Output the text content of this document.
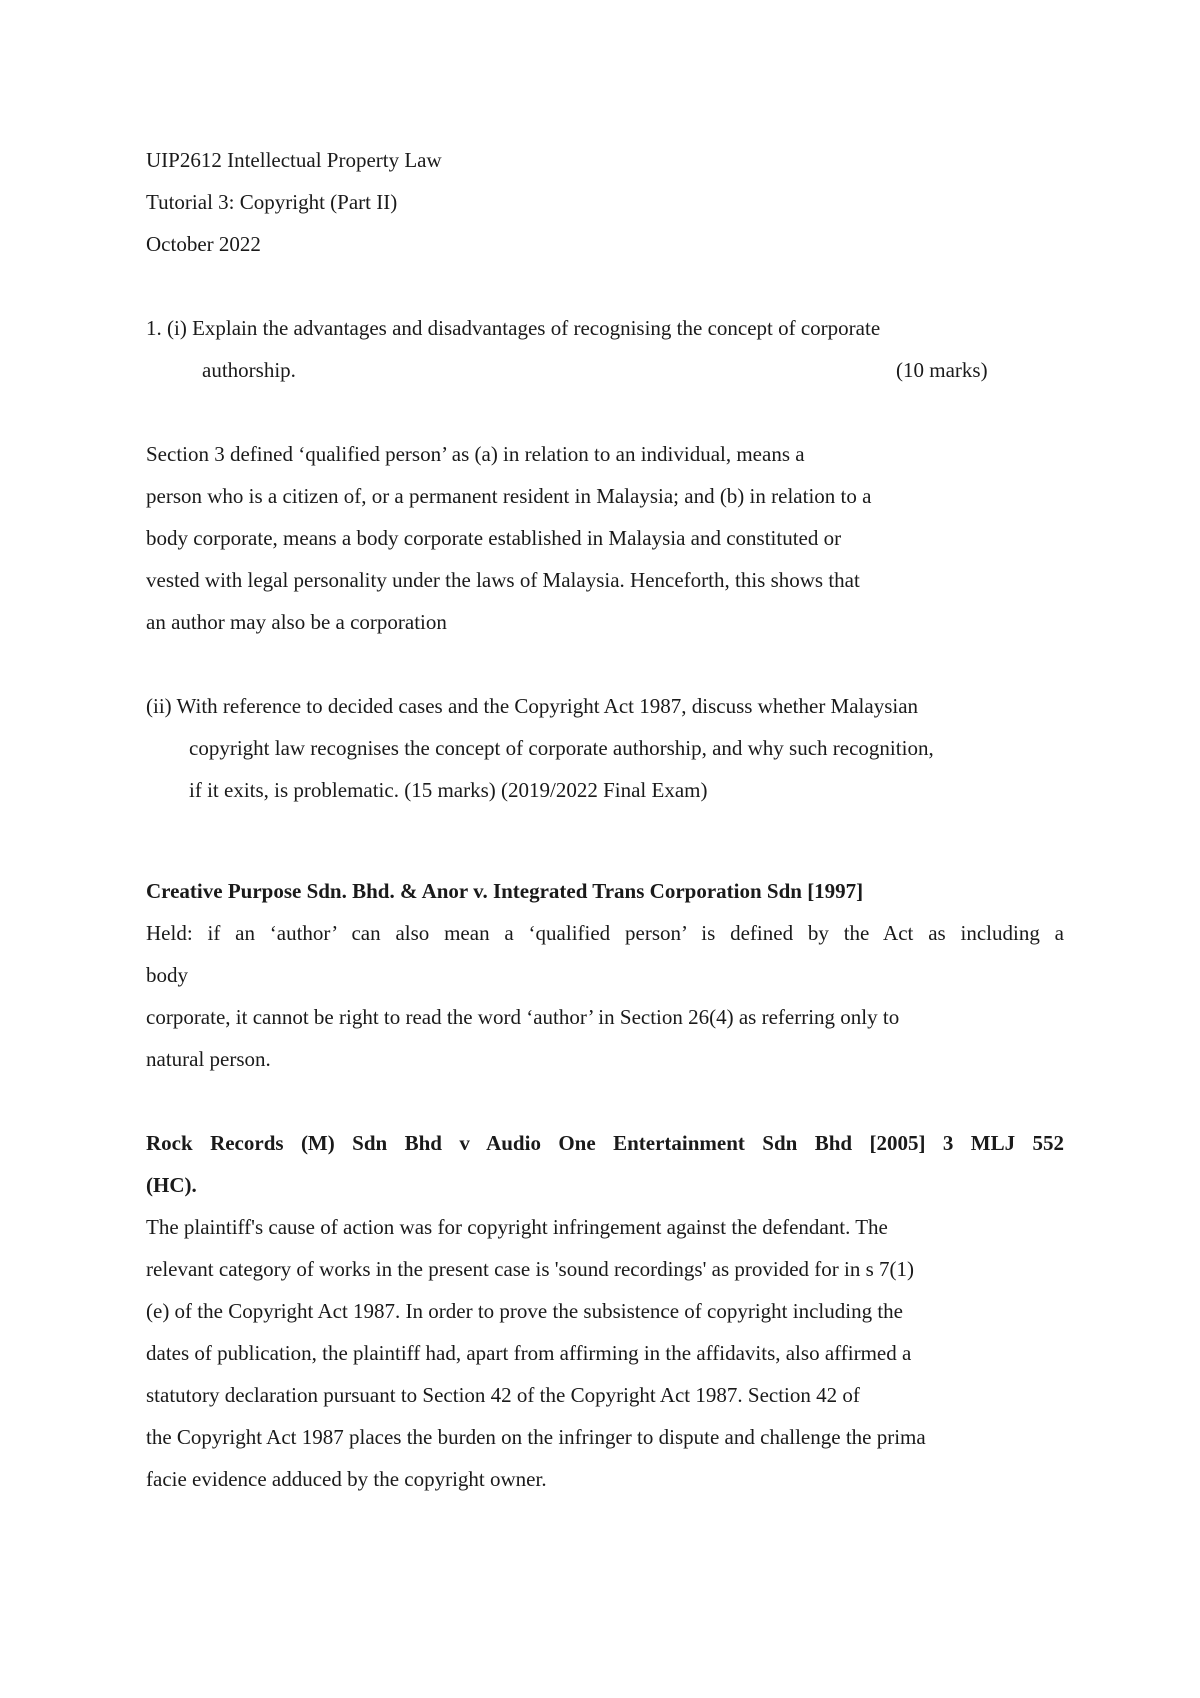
UIP2612 Intellectual Property Law

Tutorial 3: Copyright (Part II)

October 2022

1. (i) Explain the advantages and disadvantages of recognising the concept of corporate

authorship.	(10 marks)

Section 3 defined ‘qualified person’ as (a) in relation to an individual, means a

person who is a citizen of, or a permanent resident in Malaysia; and (b) in relation to a

body corporate, means a body corporate established in Malaysia and constituted or

vested with legal personality under the laws of Malaysia. Henceforth, this shows that

an author may also be a corporation

(ii) With reference to decided cases and the Copyright Act 1987, discuss whether Malaysian

copyright law recognises the concept of corporate authorship, and why such recognition,

if it exits, is problematic. (15 marks) (2019/2022 Final Exam)

Creative Purpose Sdn. Bhd. & Anor v. Integrated Trans Corporation Sdn [1997]

Held: if an ‘author’ can also mean a ‘qualified person’ is defined by the Act as including a

body

corporate, it cannot be right to read the word ‘author’ in Section 26(4) as referring only to

natural person.

Rock Records (M) Sdn Bhd v Audio One Entertainment Sdn Bhd [2005] 3 MLJ 552

(HC).

The plaintiff's cause of action was for copyright infringement against the defendant. The

relevant category of works in the present case is 'sound recordings' as provided for in s 7(1)

(e) of the Copyright Act 1987. In order to prove the subsistence of copyright including the

dates of publication, the plaintiff had, apart from affirming in the affidavits, also affirmed a

statutory declaration pursuant to Section 42 of the Copyright Act 1987. Section 42 of

the Copyright Act 1987 places the burden on the infringer to dispute and challenge the prima

facie evidence adduced by the copyright owner.
